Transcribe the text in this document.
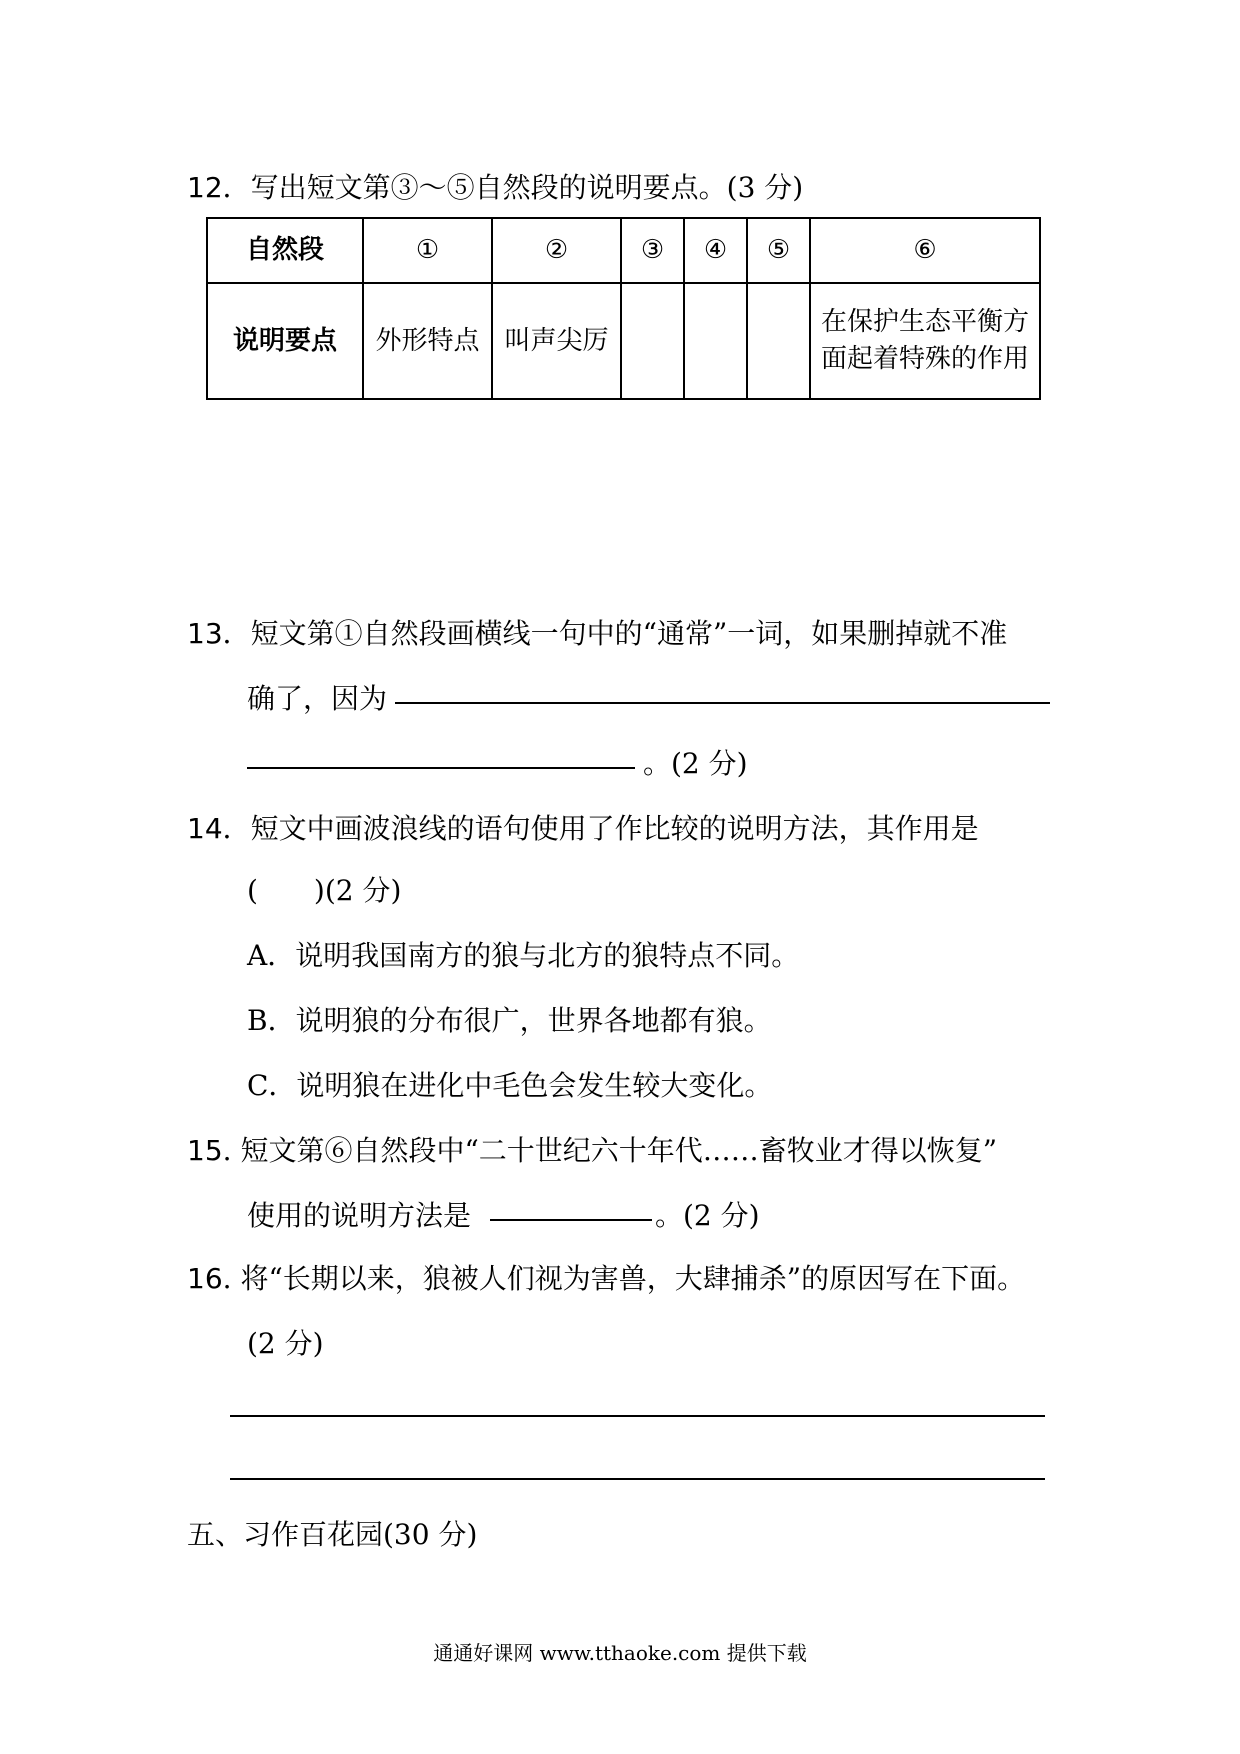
12．写出短文第③～⑤自然段的说明要点。(3 分)
自然段	①	②	③	④	⑤	⑥
说明要点	外形特点	叫声尖厉				在保护生态平衡方面起着特殊的作用
13．短文第①自然段画横线一句中的“通常”一词，如果删掉就不准
确了，因为
。(2 分)
14．短文中画波浪线的语句使用了作比较的说明方法，其作用是
(　　)(2 分)
A．说明我国南方的狼与北方的狼特点不同。
B．说明狼的分布很广，世界各地都有狼。
C．说明狼在进化中毛色会发生较大变化。
15. 短文第⑥自然段中“二十世纪六十年代……畜牧业才得以恢复”
使用的说明方法是	。(2 分)
16. 将“长期以来，狼被人们视为害兽，大肆捕杀”的原因写在下面。
(2 分)
五、习作百花园(30 分)
通通好课网 www.tthaoke.com 提供下载
